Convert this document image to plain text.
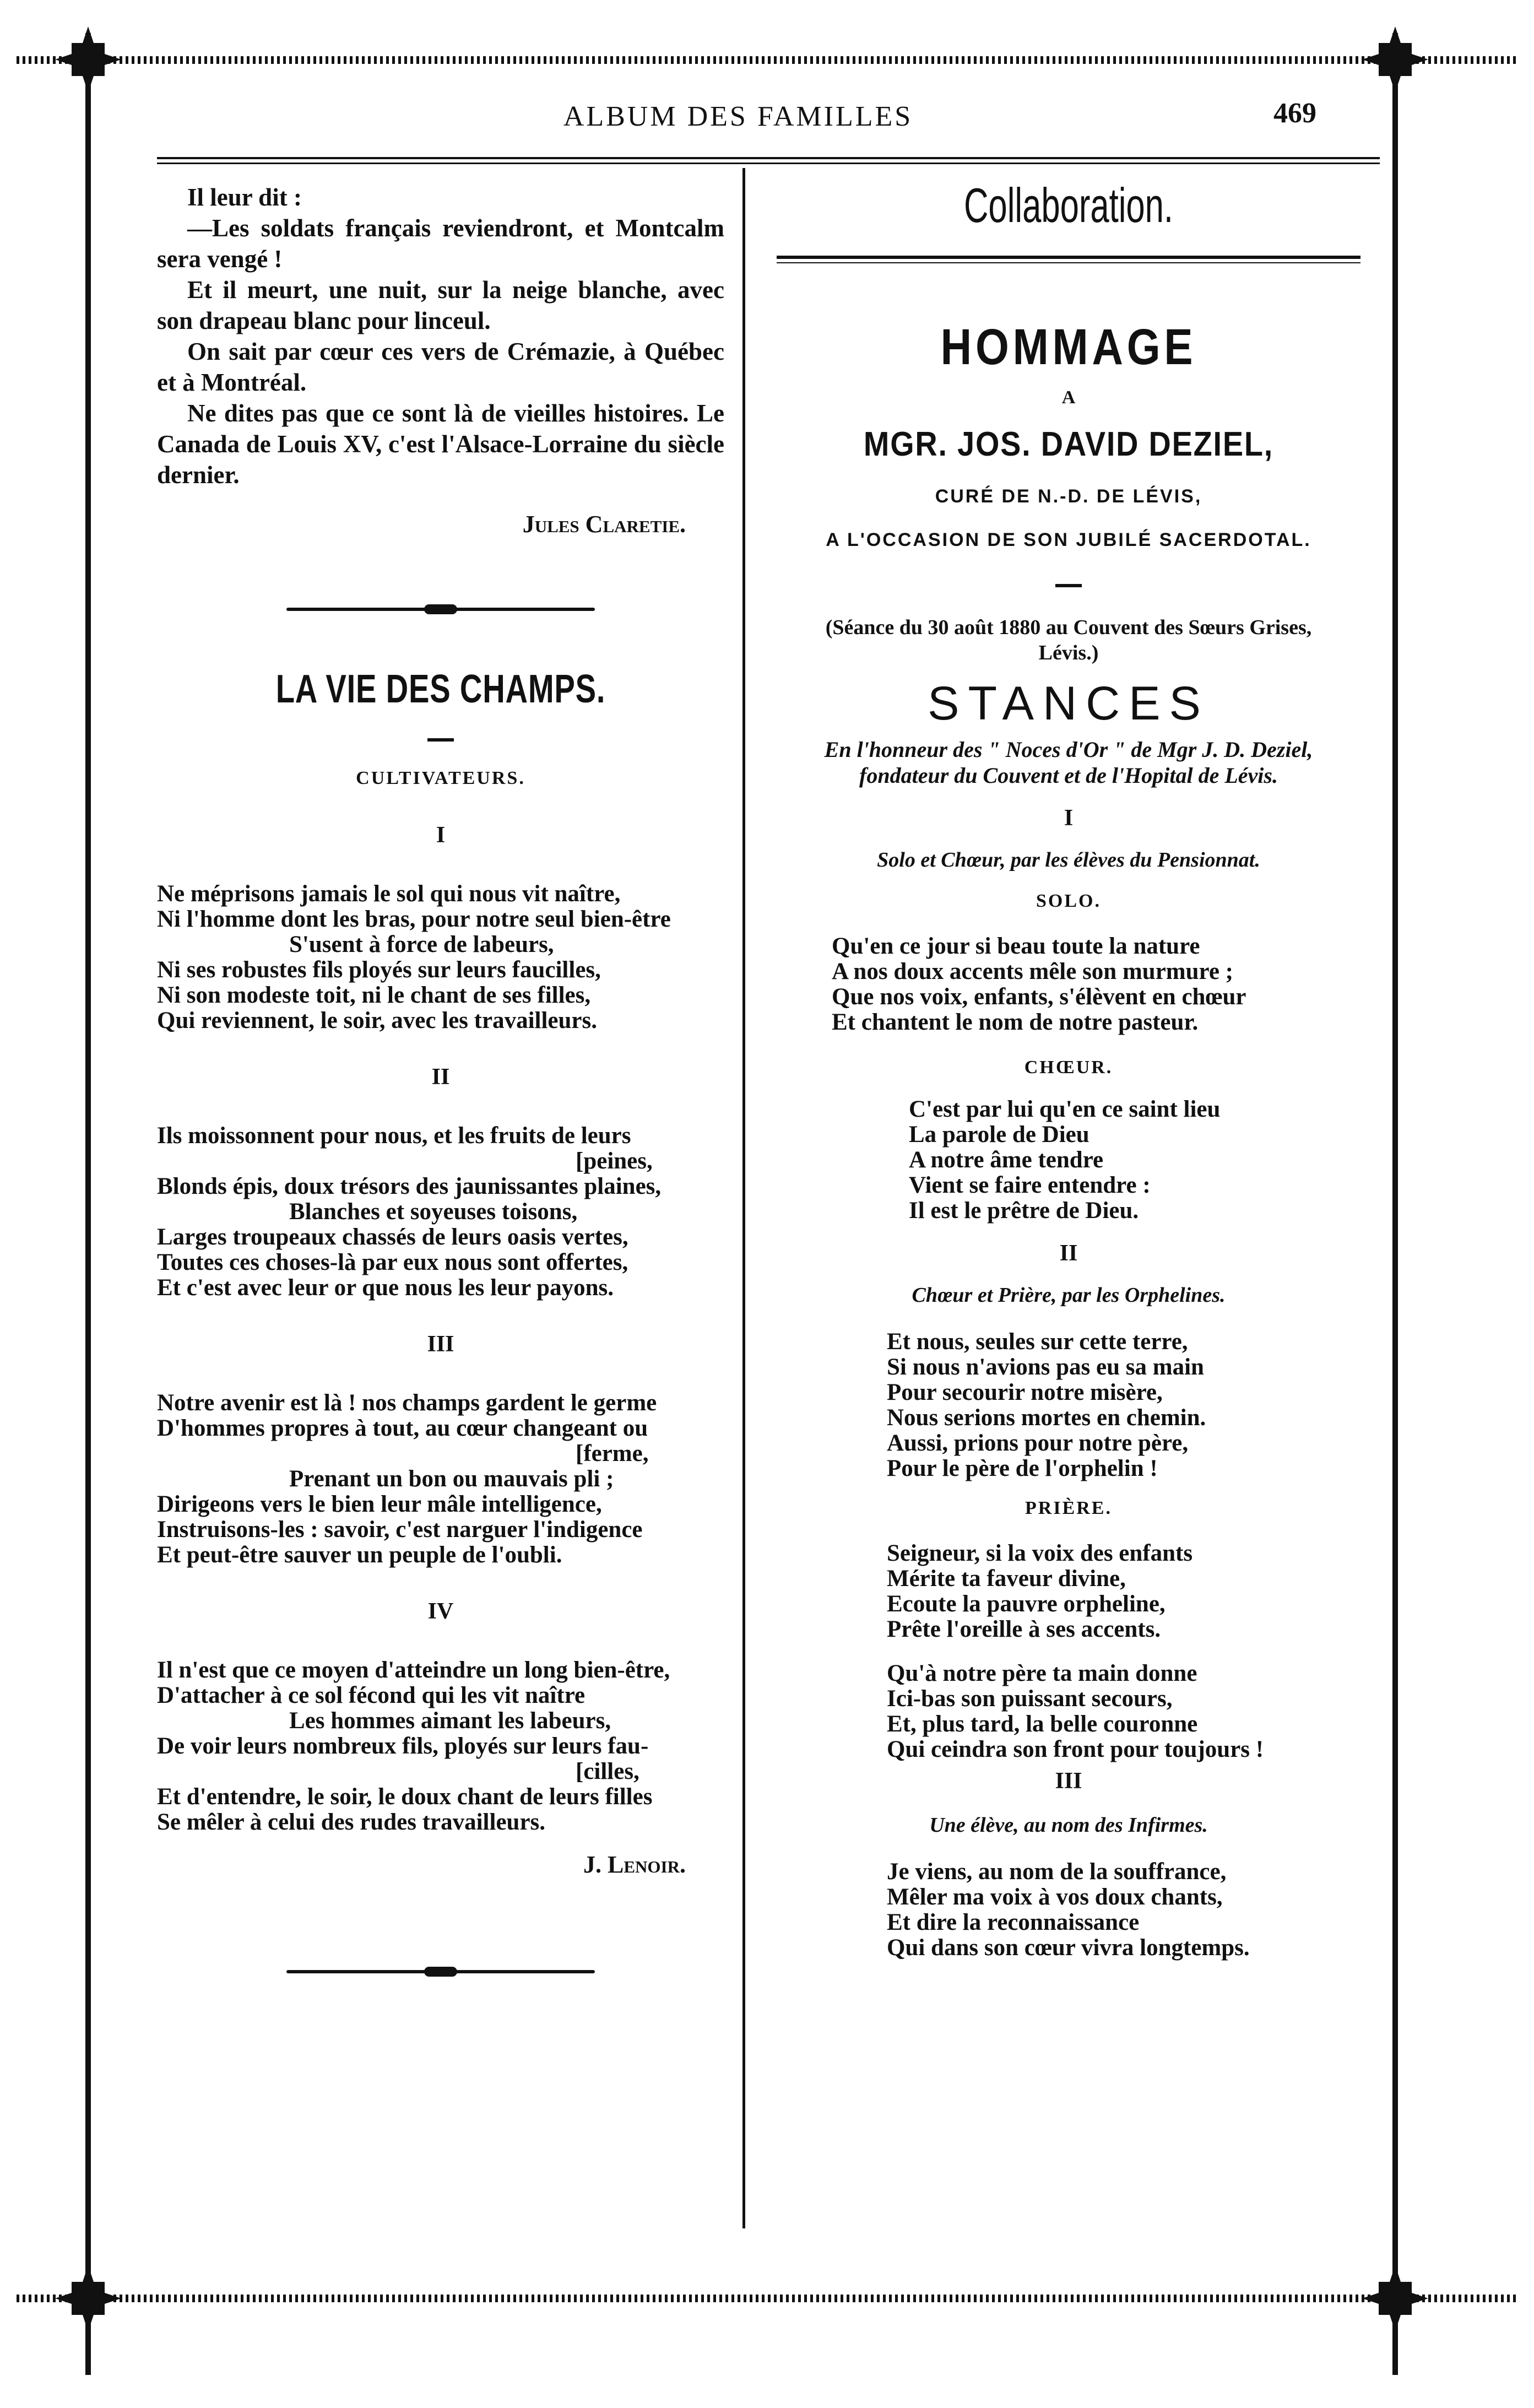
ALBUM DES FAMILLES	469

Il leur dit :

—Les soldats français reviendront, et Montcalm sera vengé !

Et il meurt, une nuit, sur la neige blanche, avec son drapeau blanc pour linceul.

On sait par cœur ces vers de Crémazie, à Québec et à Montréal.

Ne dites pas que ce sont là de vieilles histoires. Le Canada de Louis XV, c'est l'Alsace-Lorraine du siècle dernier.

Jules Claretie.
LA VIE DES CHAMPS.
CULTIVATEURS.
I
Ne méprisons jamais le sol qui nous vit naître,
Ni l'homme dont les bras, pour notre seul bien-être
S'usent à force de labeurs,
Ni ses robustes fils ployés sur leurs faucilles,
Ni son modeste toit, ni le chant de ses filles,
Qui reviennent, le soir, avec les travailleurs.
II
Ils moissonnent pour nous, et les fruits de leurs
[peines,
Blonds épis, doux trésors des jaunissantes plaines,
Blanches et soyeuses toisons,
Larges troupeaux chassés de leurs oasis vertes,
Toutes ces choses-là par eux nous sont offertes,
Et c'est avec leur or que nous les leur payons.
III
Notre avenir est là ! nos champs gardent le germe
D'hommes propres à tout, au cœur changeant ou
[ferme,
Prenant un bon ou mauvais pli ;
Dirigeons vers le bien leur mâle intelligence,
Instruisons-les : savoir, c'est narguer l'indigence
Et peut-être sauver un peuple de l'oubli.
IV
Il n'est que ce moyen d'atteindre un long bien-être,
D'attacher à ce sol fécond qui les vit naître
Les hommes aimant les labeurs,
De voir leurs nombreux fils, ployés sur leurs fau-
[cilles,
Et d'entendre, le soir, le doux chant de leurs filles
Se mêler à celui des rudes travailleurs.
J. Lenoir.
Collaboration.
HOMMAGE
A
MGR. JOS. DAVID DEZIEL,
CURÉ DE N.-D. DE LÉVIS,
A L'OCCASION DE SON JUBILÉ SACERDOTAL.
(Séance du 30 août 1880 au Couvent des Sœurs Grises, Lévis.)
STANCES
En l'honneur des " Noces d'Or " de Mgr J. D. Deziel,
fondateur du Couvent et de l'Hopital de Lévis.
I
Solo et Chœur, par les élèves du Pensionnat.
SOLO.
Qu'en ce jour si beau toute la nature
A nos doux accents mêle son murmure ;
Que nos voix, enfants, s'élèvent en chœur
Et chantent le nom de notre pasteur.
CHŒUR.
C'est par lui qu'en ce saint lieu
La parole de Dieu
A notre âme tendre
Vient se faire entendre :
Il est le prêtre de Dieu.
II
Chœur et Prière, par les Orphelines.
Et nous, seules sur cette terre,
Si nous n'avions pas eu sa main
Pour secourir notre misère,
Nous serions mortes en chemin.
Aussi, prions pour notre père,
Pour le père de l'orphelin !
PRIÈRE.
Seigneur, si la voix des enfants
Mérite ta faveur divine,
Ecoute la pauvre orpheline,
Prête l'oreille à ses accents.
Qu'à notre père ta main donne
Ici-bas son puissant secours,
Et, plus tard, la belle couronne
Qui ceindra son front pour toujours !
III
Une élève, au nom des Infirmes.
Je viens, au nom de la souffrance,
Mêler ma voix à vos doux chants,
Et dire la reconnaissance
Qui dans son cœur vivra longtemps.
